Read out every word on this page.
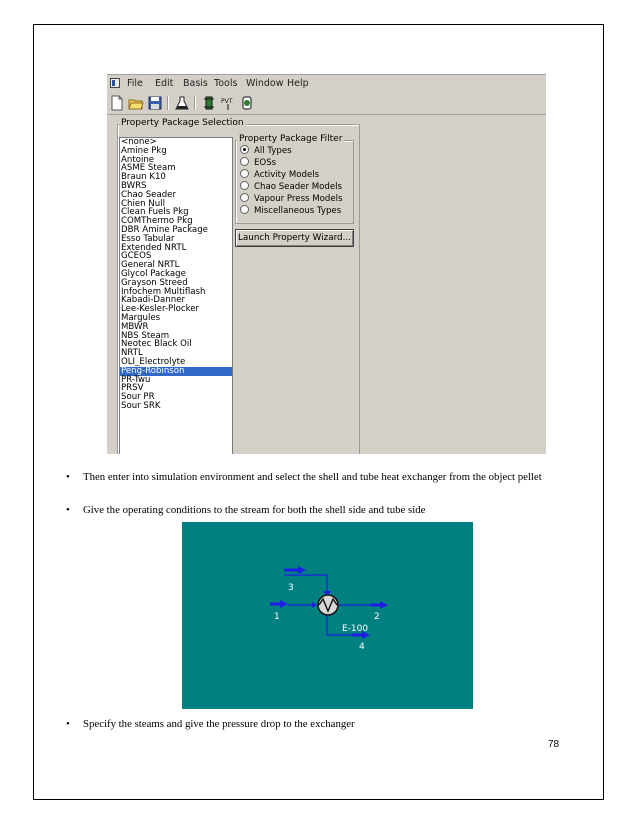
File Edit Basis Tools Window Help
PVT
Property Package Selection
<none>
Amine Pkg
Antoine
ASME Steam
Braun K10
BWRS
Chao Seader
Chien Null
Clean Fuels Pkg
COMThermo Pkg
DBR Amine Package
Esso Tabular
Extended NRTL
GCEOS
General NRTL
Glycol Package
Grayson Streed
Infochem Multiflash
Kabadi-Danner
Lee-Kesler-Plocker
Margules
MBWR
NBS Steam
Neotec Black Oil
NRTL
OLI_Electrolyte
Peng-Robinson
PR-Twu
PRSV
Sour PR
Sour SRK
Property Package Filter
All Types
EOSs
Activity Models
Chao Seader Models
Vapour Press Models
Miscellaneous Types
Launch Property Wizard...
• Then enter into simulation environment and select the shell and tube heat exchanger from the object pellet
• Give the operating conditions to the stream for both the shell side and tube side
• Specify the steams and give the pressure drop to the exchanger
3
1	2
E-100
4
78
